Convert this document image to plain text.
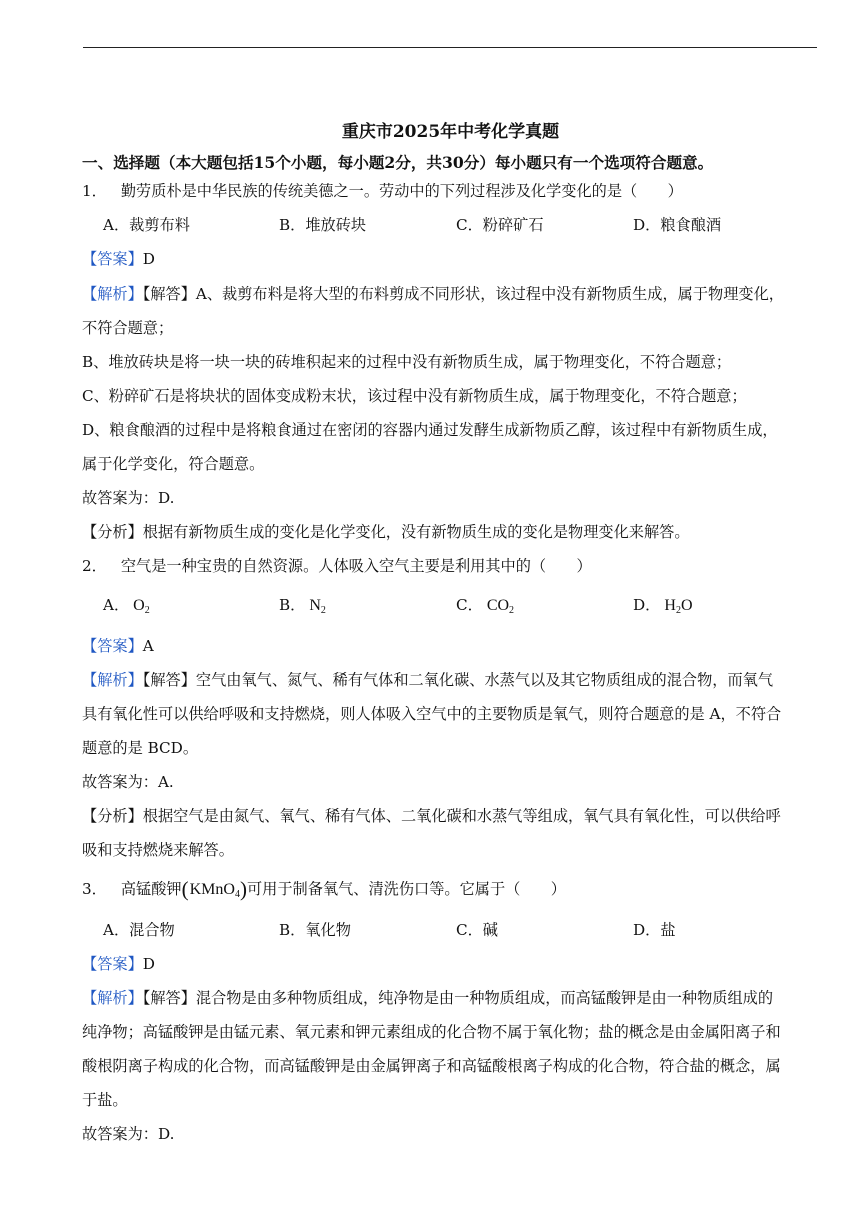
重庆市2025年中考化学真题
一、选择题（本大题包括15个小题，每小题2分，共30分）每小题只有一个选项符合题意。
1． 勤劳质朴是中华民族的传统美德之一。劳动中的下列过程涉及化学变化的是（　　）
A．裁剪布料	B．堆放砖块	C．粉碎矿石	D．粮食酿酒
【答案】D
【解析】【解答】A、裁剪布料是将大型的布料剪成不同形状，该过程中没有新物质生成，属于物理变化，
不符合题意；
B、堆放砖块是将一块一块的砖堆积起来的过程中没有新物质生成，属于物理变化，不符合题意；
C、粉碎矿石是将块状的固体变成粉末状，该过程中没有新物质生成，属于物理变化，不符合题意；
D、粮食酿酒的过程中是将粮食通过在密闭的容器内通过发酵生成新物质乙醇，该过程中有新物质生成，
属于化学变化，符合题意。
故答案为：D.
【分析】根据有新物质生成的变化是化学变化，没有新物质生成的变化是物理变化来解答。
2． 空气是一种宝贵的自然资源。人体吸入空气主要是利用其中的（　　）
A． $O_2$	B． $N_2$	C． $CO_2$	D． $H_2O$
【答案】A
【解析】【解答】空气由氧气、氮气、稀有气体和二氧化碳、水蒸气以及其它物质组成的混合物，而氧气
具有氧化性可以供给呼吸和支持燃烧，则人体吸入空气中的主要物质是氧气，则符合题意的是 A，不符合
题意的是 BCD。
故答案为：A.
【分析】根据空气是由氮气、氧气、稀有气体、二氧化碳和水蒸气等组成，氧气具有氧化性，可以供给呼
吸和支持燃烧来解答。
3． 高锰酸钾(KMnO$_4$)可用于制备氧气、清洗伤口等。它属于（　　）
A．混合物	B．氧化物	C．碱	D．盐
【答案】D
【解析】【解答】混合物是由多种物质组成，纯净物是由一种物质组成，而高锰酸钾是由一种物质组成的
纯净物；高锰酸钾是由锰元素、氧元素和钾元素组成的化合物不属于氧化物；盐的概念是由金属阳离子和
酸根阴离子构成的化合物，而高锰酸钾是由金属钾离子和高锰酸根离子构成的化合物，符合盐的概念，属
于盐。
故答案为：D.
